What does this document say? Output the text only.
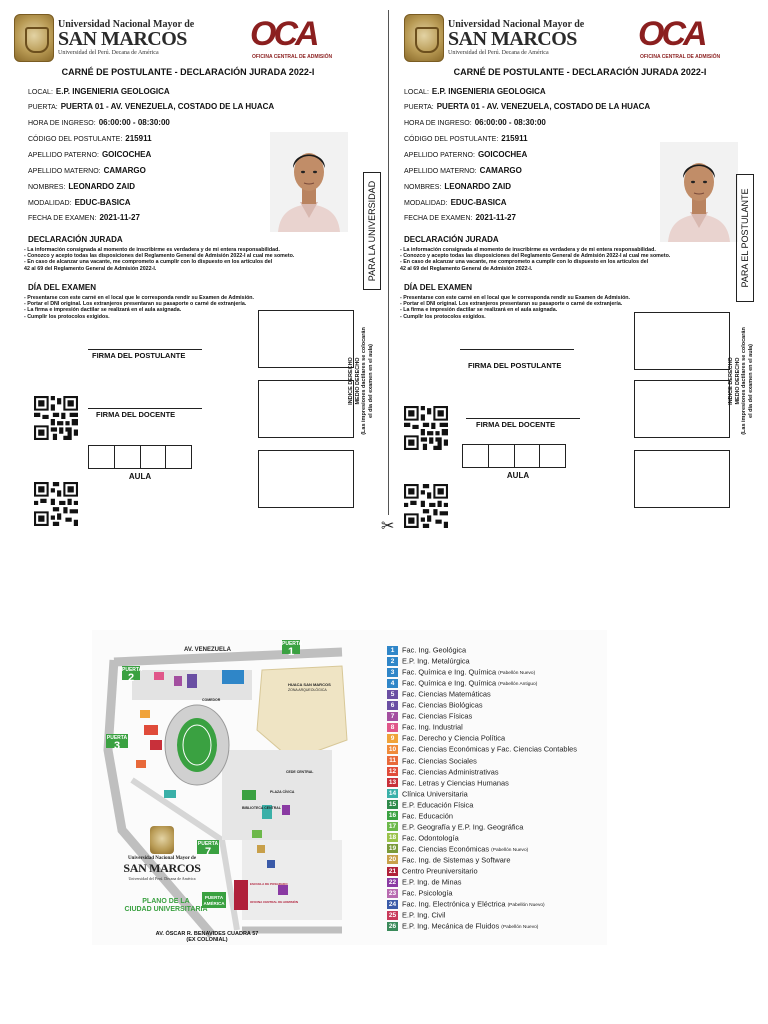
Universidad Nacional Mayor de
SAN MARCOS
Universidad del Perú. Decana de América	OCA
OFICINA CENTRAL DE ADMISIÓN
CARNÉ DE POSTULANTE - DECLARACIÓN JURADA 2022-I
LOCAL: E.P. INGENIERIA GEOLOGICA
PUERTA: PUERTA 01 - AV. VENEZUELA, COSTADO DE LA HUACA
HORA DE INGRESO: 06:00:00 - 08:30:00
CÓDIGO DEL POSTULANTE: 215911
APELLIDO PATERNO: GOICOCHEA
APELLIDO MATERNO: CAMARGO
NOMBRES: LEONARDO ZAID
MODALIDAD: EDUC-BASICA
FECHA DE EXAMEN: 2021-11-27	PARA LA UNIVERSIDAD
DECLARACIÓN JURADA
- La información consignada al momento de inscribirme es verdadera y de mi entera responsabilidad.
- Conozco y acepto todas las disposiciones del Reglamento General de Admisión 2022-I al cual me someto.
- En caso de alcanzar una vacante, me comprometo a cumplir con lo dispuesto en los artículos del
42 al 69 del Reglamento General de Admisión 2022-I.
DÍA DEL EXAMEN
- Presentarse con este carné en el local que le corresponda rendir su Examen de Admisión.
- Portar el DNI original. Los extranjeros presentaran su pasaporte o carné de extranjería.
- La firma e impresión dactilar se realizará en el aula asignada.
- Cumplir los protocolos exigidos.
FIRMA DEL POSTULANTE
FIRMA DEL DOCENTE
AULA
INDICE DERECHO
MEDIO DERECHO
(Las impresiones dactilares se colocarán
el día del examen en el aula)
✂
Universidad Nacional Mayor de
SAN MARCOS
Universidad del Perú. Decana de América	OCA
OFICINA CENTRAL DE ADMISIÓN
CARNÉ DE POSTULANTE - DECLARACIÓN JURADA 2022-I
LOCAL: E.P. INGENIERIA GEOLOGICA
PUERTA: PUERTA 01 - AV. VENEZUELA, COSTADO DE LA HUACA
HORA DE INGRESO: 06:00:00 - 08:30:00
CÓDIGO DEL POSTULANTE: 215911
APELLIDO PATERNO: GOICOCHEA
APELLIDO MATERNO: CAMARGO
NOMBRES: LEONARDO ZAID
MODALIDAD: EDUC-BASICA
FECHA DE EXAMEN: 2021-11-27	PARA EL POSTULANTE
DECLARACIÓN JURADA
- La información consignada al momento de inscribirme es verdadera y de mi entera responsabilidad.
- Conozco y acepto todas las disposiciones del Reglamento General de Admisión 2022-I al cual me someto.
- En caso de alcanzar una vacante, me comprometo a cumplir con lo dispuesto en los artículos del
42 al 69 del Reglamento General de Admisión 2022-I.
DÍA DEL EXAMEN
- Presentarse con este carné en el local que le corresponda rendir su Examen de Admisión.
- Portar el DNI original. Los extranjeros presentaran su pasaporte o carné de extranjería.
- La firma e impresión dactilar se realizará en el aula asignada.
- Cumplir los protocolos exigidos.
FIRMA DEL POSTULANTE
FIRMA DEL DOCENTE
AULA
INDICE DERECHO
MEDIO DERECHO
(Las impresiones dactilares se colocarán
el día del examen en el aula)
AV. VENEZUELA
HUACA SAN MARCOS
ZONA ARQUEOLÓGICA
COMEDOR
BIBLIOTECA CENTRAL
PLAZA CÍVICA
CEDE CENTRAL
PUERTA
1
PUERTA
2
PUERTA
3
PUERTA
7
PUERTA AMÉRICA
ESCUELA DE POSGRADO
OFICINA CENTRAL DE ADMISIÓN
Universidad Nacional Mayor de
SAN MARCOS
Universidad del Perú. Decana de América
PLANO DE LA
CIUDAD UNIVERSITARIA
AV. ÓSCAR R. BENAVIDES CUADRA 57
(EX COLONIAL)
1 Fac. Ing. Geológica
2 E.P. Ing. Metalúrgica
3 Fac. Química e Ing. Química (Pabellón Nuevo)
4 Fac. Química e Ing. Química (Pabellón Antiguo)
5 Fac. Ciencias Matemáticas
6 Fac. Ciencias Biológicas
7 Fac. Ciencias Físicas
8 Fac. Ing. Industrial
9 Fac. Derecho y Ciencia Política
10 Fac. Ciencias Económicas y Fac. Ciencias Contables
11 Fac. Ciencias Sociales
12 Fac. Ciencias Administrativas
13 Fac. Letras y Ciencias Humanas
14 Clínica Universitaria
15 E.P. Educación Física
16 Fac. Educación
17 E.P. Geografía y E.P. Ing. Geográfica
18 Fac. Odontología
19 Fac. Ciencias Económicas (Pabellón Nuevo)
20 Fac. Ing. de Sistemas y Software
21 Centro Preuniversitario
22 E.P. Ing. de Minas
23 Fac. Psicología
24 Fac. Ing. Electrónica y Eléctrica (Pabellón Nuevo)
25 E.P. Ing. Civil
26 E.P. Ing. Mecánica de Fluidos (Pabellón Nuevo)
